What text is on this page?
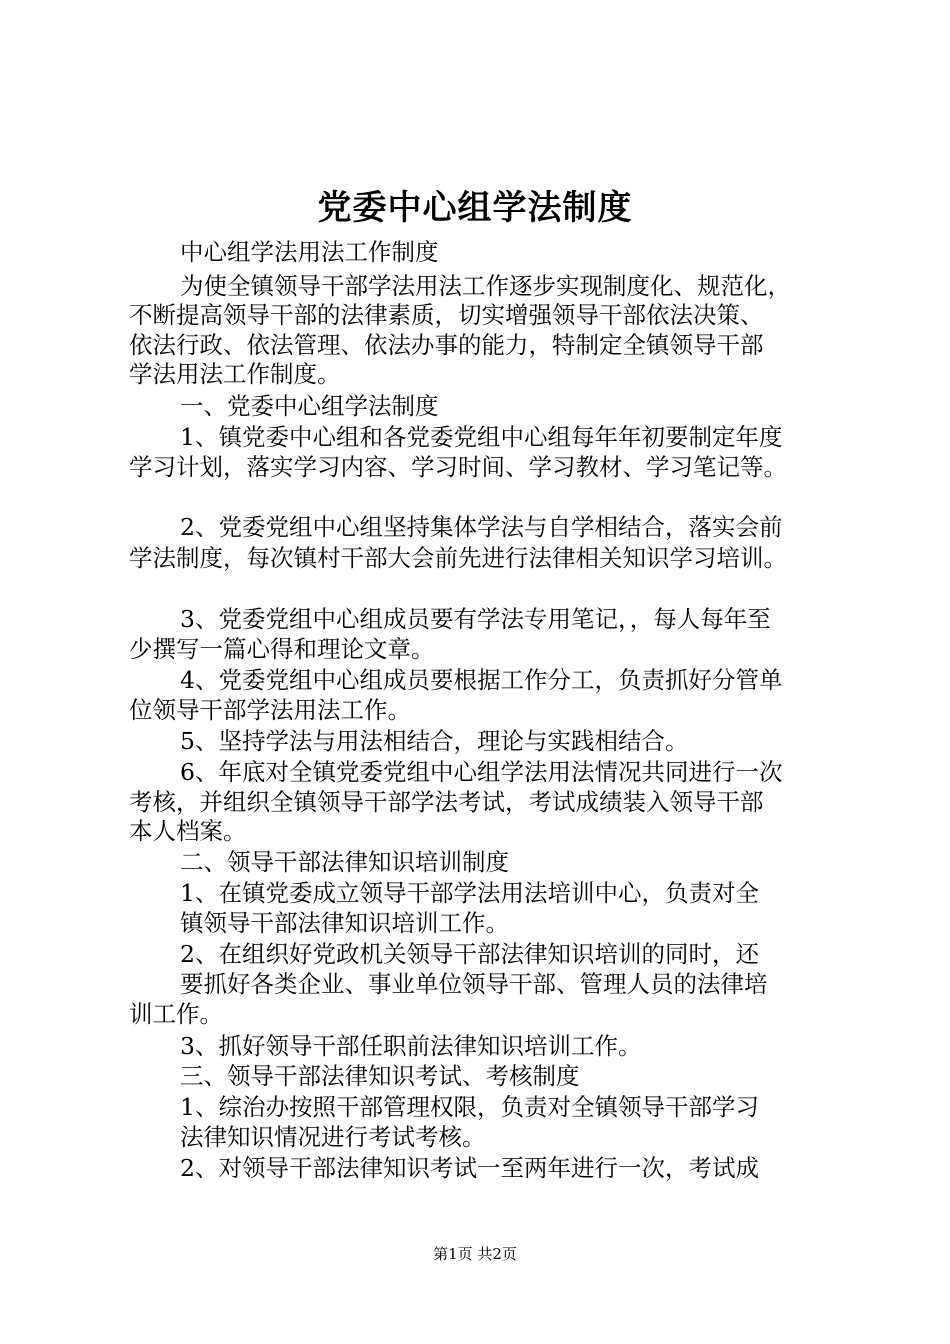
党委中心组学法制度
中心组学法用法工作制度
为使全镇领导干部学法用法工作逐步实现制度化、规范化，
不断提高领导干部的法律素质，切实增强领导干部依法决策、
依法行政、依法管理、依法办事的能力，特制定全镇领导干部
学法用法工作制度。
一、党委中心组学法制度
1、镇党委中心组和各党委党组中心组每年年初要制定年度
学习计划，落实学习内容、学习时间、学习教材、学习笔记等。
2、党委党组中心组坚持集体学法与自学相结合，落实会前
学法制度，每次镇村干部大会前先进行法律相关知识学习培训。
3、党委党组中心组成员要有学法专用笔记，，每人每年至
少撰写一篇心得和理论文章。
4、党委党组中心组成员要根据工作分工，负责抓好分管单
位领导干部学法用法工作。
5、坚持学法与用法相结合，理论与实践相结合。
6、年底对全镇党委党组中心组学法用法情况共同进行一次
考核，并组织全镇领导干部学法考试，考试成绩装入领导干部
本人档案。
二、领导干部法律知识培训制度
1、在镇党委成立领导干部学法用法培训中心，负责对全
镇领导干部法律知识培训工作。
2、在组织好党政机关领导干部法律知识培训的同时，还
要抓好各类企业、事业单位领导干部、管理人员的法律培
训工作。
3、抓好领导干部任职前法律知识培训工作。
三、领导干部法律知识考试、考核制度
1、综治办按照干部管理权限，负责对全镇领导干部学习
法律知识情况进行考试考核。
2、对领导干部法律知识考试一至两年进行一次，考试成
第1页 共2页
